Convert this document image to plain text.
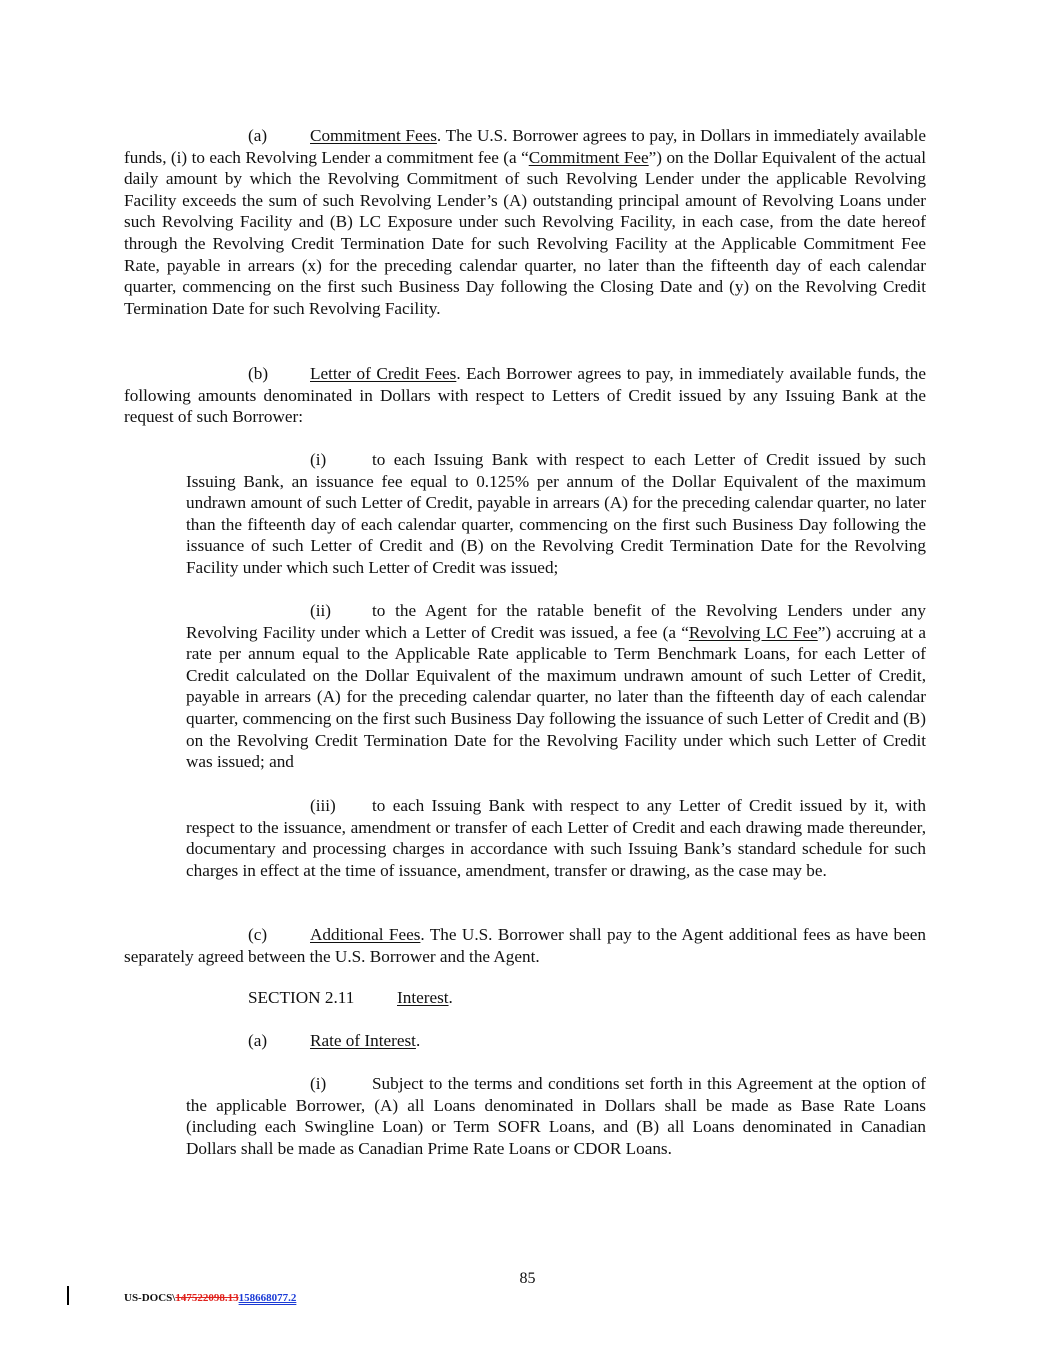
(a) Commitment Fees. The U.S. Borrower agrees to pay, in Dollars in immediately available funds, (i) to each Revolving Lender a commitment fee (a “Commitment Fee”) on the Dollar Equivalent of the actual daily amount by which the Revolving Commitment of such Revolving Lender under the applicable Revolving Facility exceeds the sum of such Revolving Lender’s (A) outstanding principal amount of Revolving Loans under such Revolving Facility and (B) LC Exposure under such Revolving Facility, in each case, from the date hereof through the Revolving Credit Termination Date for such Revolving Facility at the Applicable Commitment Fee Rate, payable in arrears (x) for the preceding calendar quarter, no later than the fifteenth day of each calendar quarter, commencing on the first such Business Day following the Closing Date and (y) on the Revolving Credit Termination Date for such Revolving Facility.

(b) Letter of Credit Fees. Each Borrower agrees to pay, in immediately available funds, the following amounts denominated in Dollars with respect to Letters of Credit issued by any Issuing Bank at the request of such Borrower:

(i)	to each Issuing Bank with respect to each Letter of Credit issued by such Issuing Bank, an issuance fee equal to 0.125% per annum of the Dollar Equivalent of the maximum undrawn amount of such Letter of Credit, payable in arrears (A) for the preceding calendar quarter, no later than the fifteenth day of each calendar quarter, commencing on the first such Business Day following the issuance of such Letter of Credit and (B) on the Revolving Credit Termination Date for the Revolving Facility under which such Letter of Credit was issued;

(ii) to the Agent for the ratable benefit of the Revolving Lenders under any Revolving Facility under which a Letter of Credit was issued, a fee (a “Revolving LC Fee”) accruing at a rate per annum equal to the Applicable Rate applicable to Term Benchmark Loans, for each Letter of Credit calculated on the Dollar Equivalent of the maximum undrawn amount of such Letter of Credit, payable in arrears (A) for the preceding calendar quarter, no later than the fifteenth day of each calendar quarter, commencing on the first such Business Day following the issuance of such Letter of Credit and (B) on the Revolving Credit Termination Date for the Revolving Facility under which such Letter of Credit was issued; and

(iii) to each Issuing Bank with respect to any Letter of Credit issued by it, with respect to the issuance, amendment or transfer of each Letter of Credit and each drawing made thereunder, documentary and processing charges in accordance with such Issuing Bank’s standard schedule for such charges in effect at the time of issuance, amendment, transfer or drawing, as the case may be.

(c) Additional Fees. The U.S. Borrower shall pay to the Agent additional fees as have been separately agreed between the U.S. Borrower and the Agent.

SECTION 2.11 Interest.

(a) Rate of Interest.

(i)	Subject to the terms and conditions set forth in this Agreement at the option of the applicable Borrower, (A) all Loans denominated in Dollars shall be made as Base Rate Loans (including each Swingline Loan) or Term SOFR Loans, and (B) all Loans denominated in Canadian Dollars shall be made as Canadian Prime Rate Loans or CDOR Loans.

85
US-DOCS\147522098.13158668077.2
